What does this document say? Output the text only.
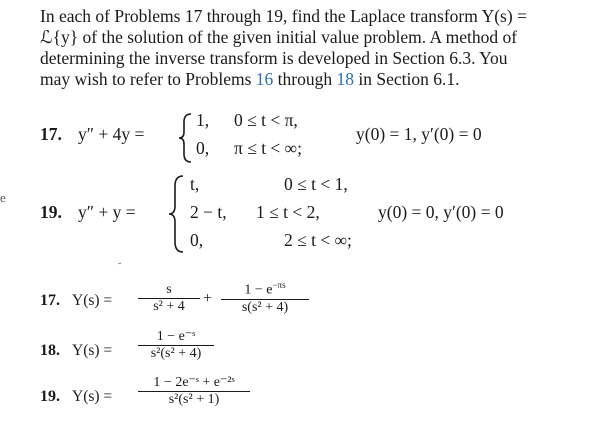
In each of Problems 17 through 19, find the Laplace transform Y(s) =
ℒ{y} of the solution of the given initial value problem. A method of
determining the inverse transform is developed in Section 6.3. You
may wish to refer to Problems 16 through 18 in Section 6.1.
17. y″ + 4y =
1, 0 ≤ t < π,
0, π ≤ t < ∞;
y(0) = 1, y′(0) = 0
e
19. y″ + y =
t,	0 ≤ t < 1,
2 − t, 1 ≤ t < 2,
0,	2 ≤ t < ∞;
y(0) = 0, y′(0) = 0
˘
17. Y(s) =
s
s² + 4	+	$1 - e^{-\pi s}$
s(s² + 4)
18. Y(s) =
1 − e⁻ˢ
s²(s² + 4)
19. Y(s) =
1 − 2e⁻ˢ + e⁻²ˢ
s²(s² + 1)
